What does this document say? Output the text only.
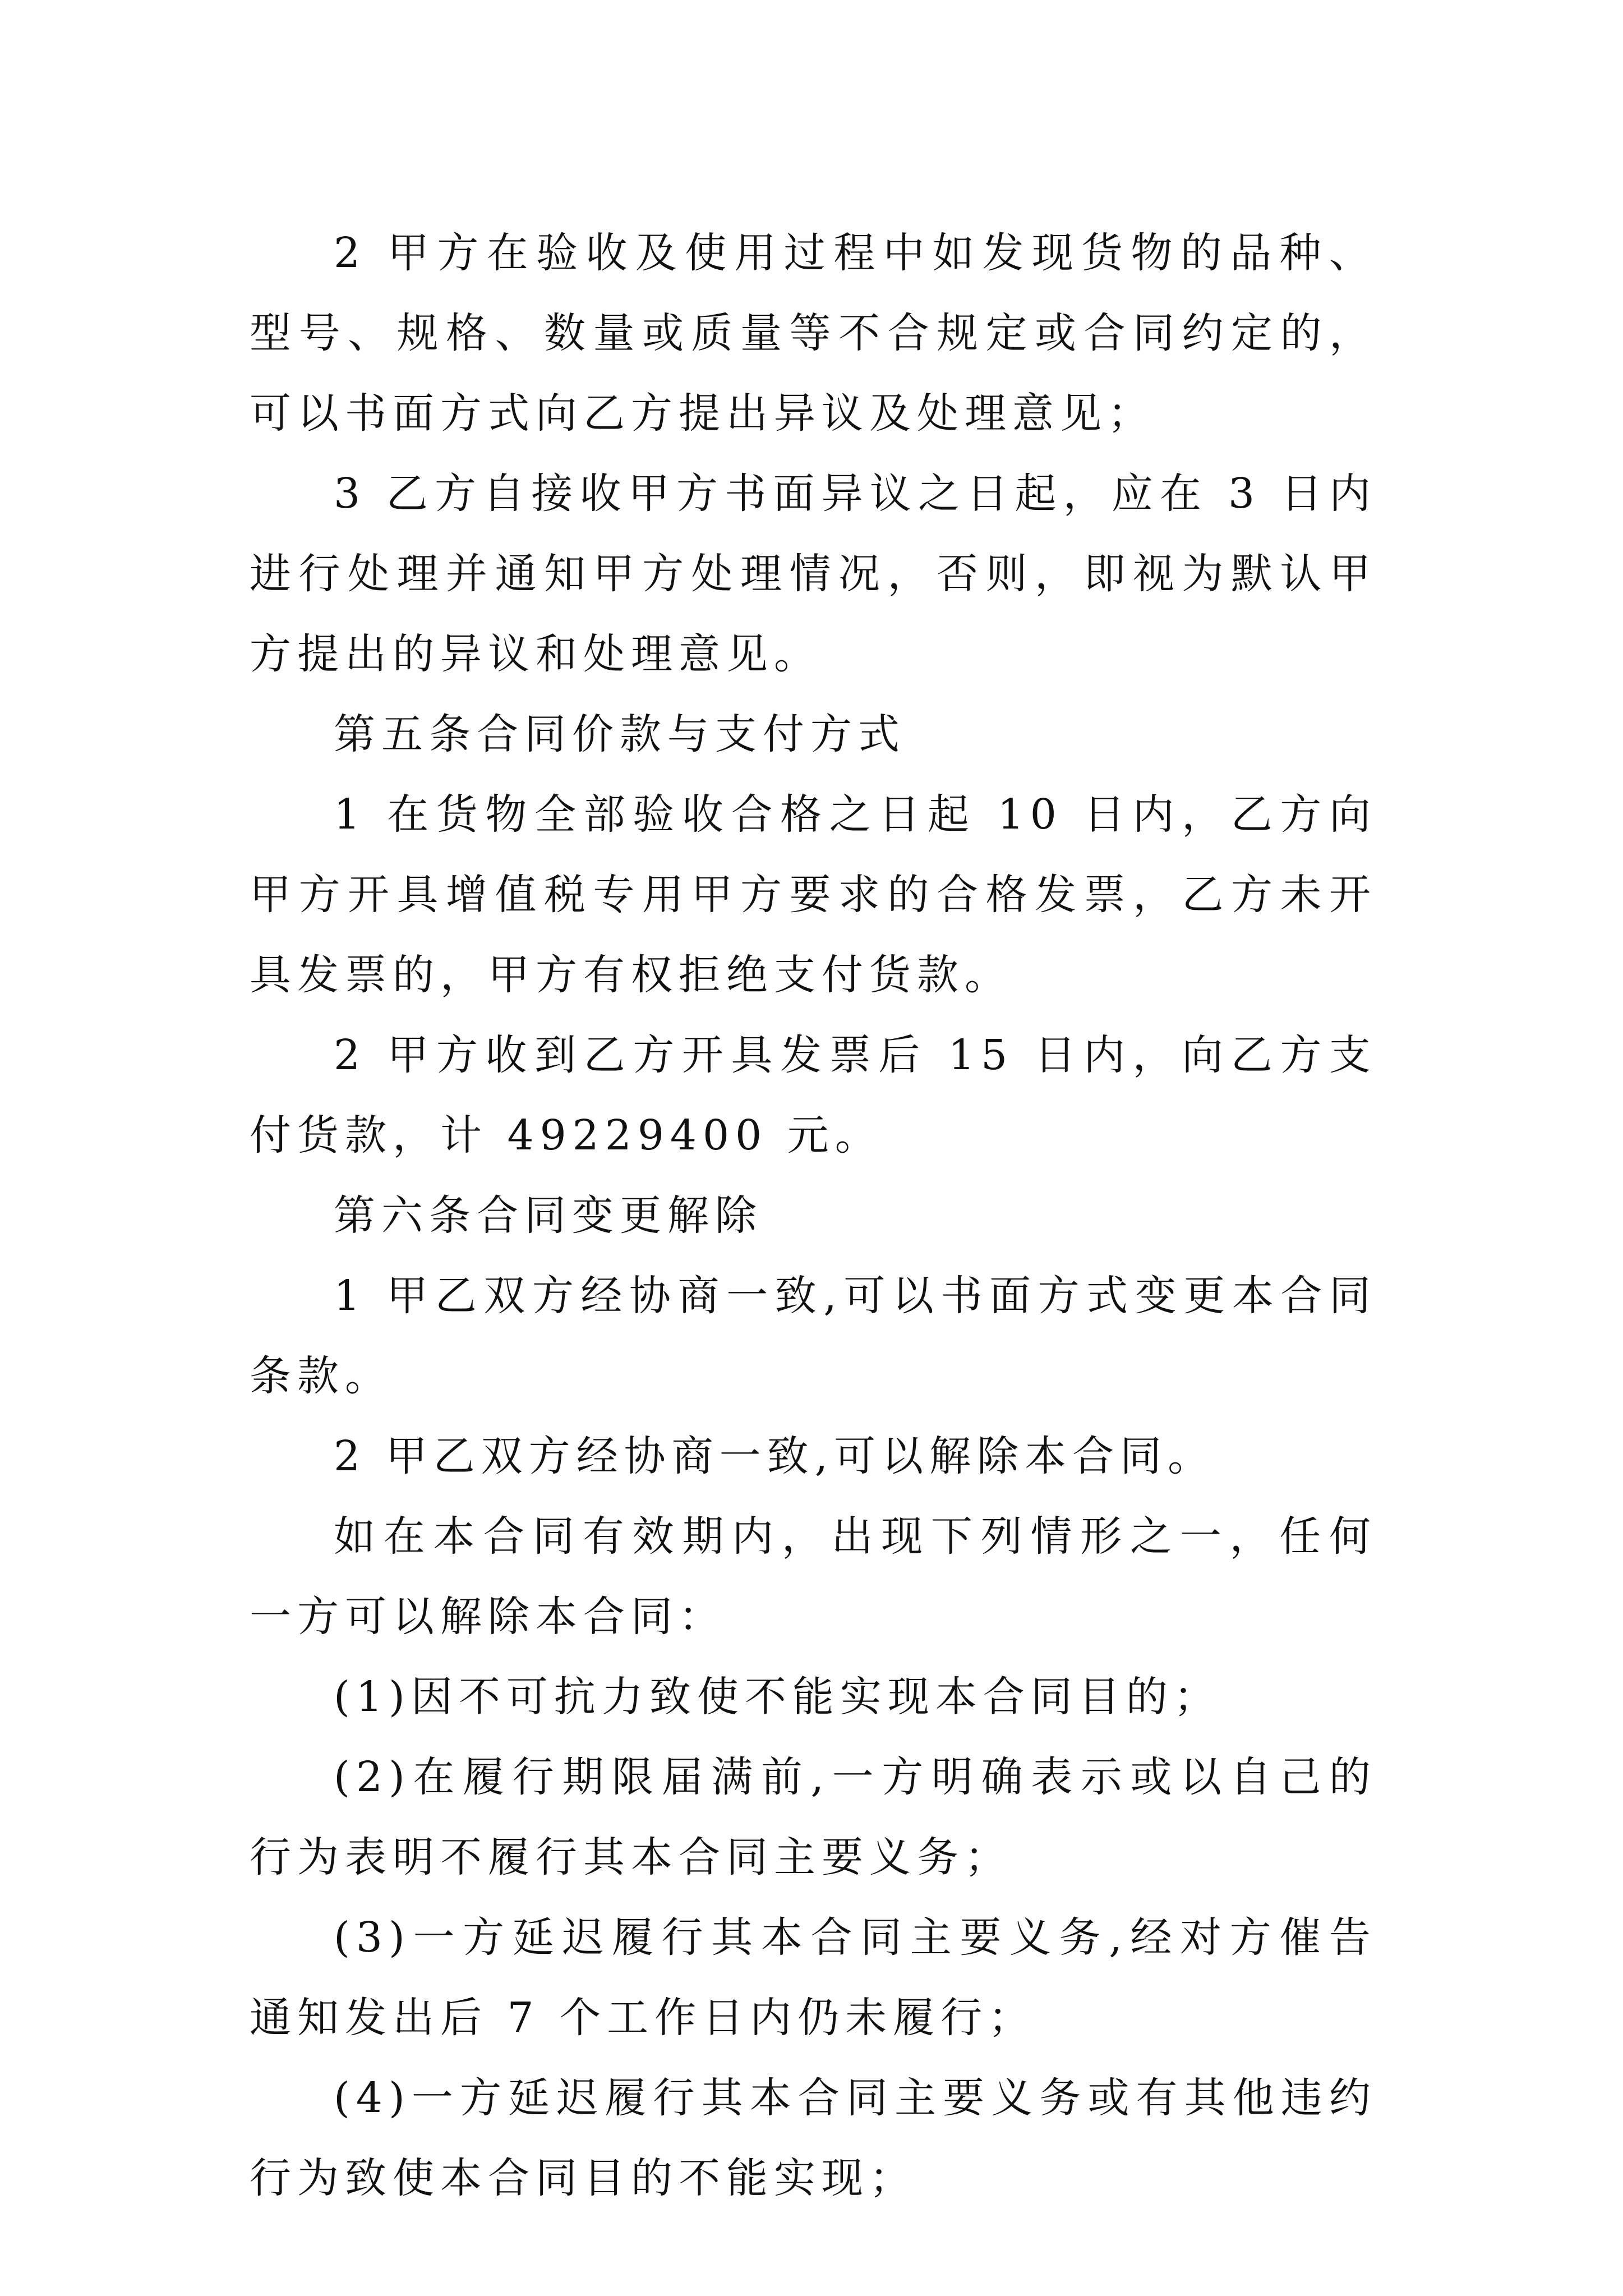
2 甲方在验收及使用过程中如发现货物的品种、型号、规格、数量或质量等不合规定或合同约定的，可以书面方式向乙方提出异议及处理意见；

3 乙方自接收甲方书面异议之日起，应在 3 日内进行处理并通知甲方处理情况，否则，即视为默认甲方提出的异议和处理意见。

第五条合同价款与支付方式

1 在货物全部验收合格之日起 10 日内，乙方向甲方开具增值税专用甲方要求的合格发票，乙方未开具发票的，甲方有权拒绝支付货款。

2 甲方收到乙方开具发票后 15 日内，向乙方支付货款，计 49229400 元。

第六条合同变更解除

1 甲乙双方经协商一致,可以书面方式变更本合同条款。

2 甲乙双方经协商一致,可以解除本合同。

如在本合同有效期内，出现下列情形之一，任何一方可以解除本合同：

(1)因不可抗力致使不能实现本合同目的；

(2)在履行期限届满前,一方明确表示或以自己的行为表明不履行其本合同主要义务；

(3)一方延迟履行其本合同主要义务,经对方催告通知发出后 7 个工作日内仍未履行；

(4)一方延迟履行其本合同主要义务或有其他违约行为致使本合同目的不能实现；
